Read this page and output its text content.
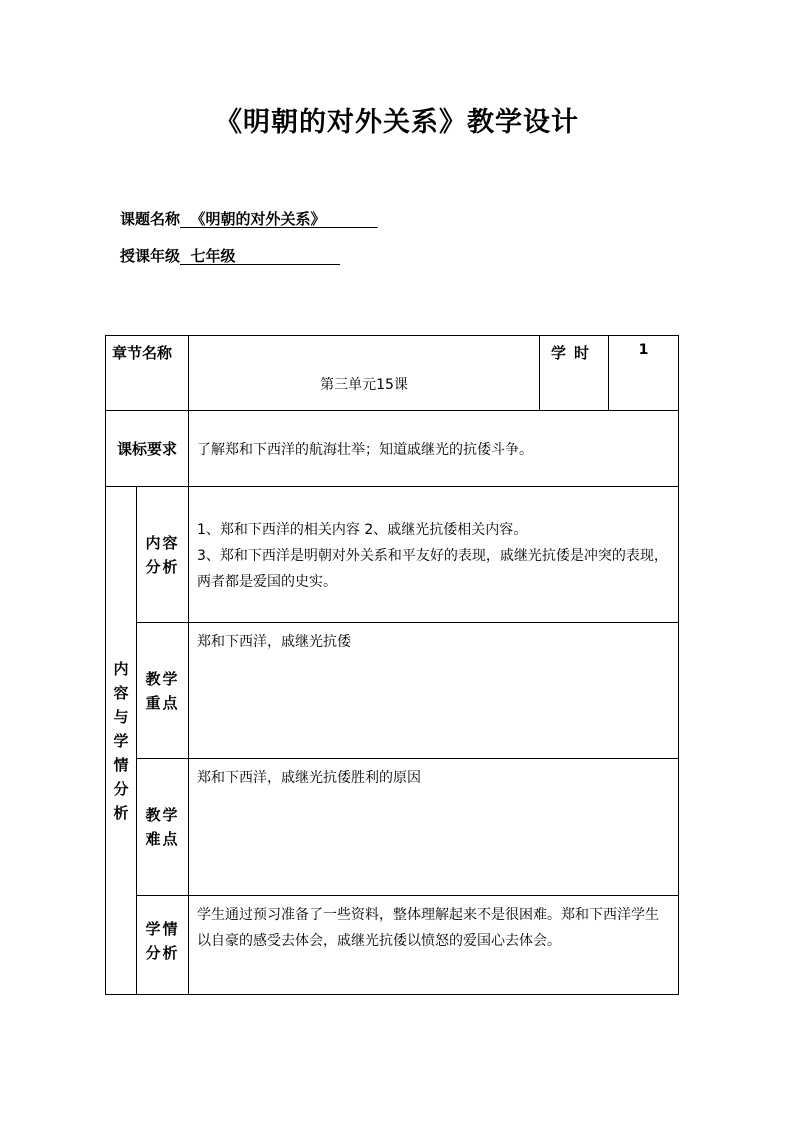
《明朝的对外关系》教学设计
课题名称 《明朝的对外关系》
授课年级 七年级
章节名称		第三单元15课	学时	1
课标要求		了解郑和下西洋的航海壮举；知道戚继光的抗倭斗争。		

内容与学情分析	内容分析	1、郑和下西洋的相关内容 2、戚继光抗倭相关内容。

3、郑和下西洋是明朝对外关系和平友好的表现，戚继光抗倭是冲突的表现，两者都是爱国的史实。		

	教学重点	郑和下西洋，戚继光抗倭		

	教学难点	郑和下西洋，戚继光抗倭胜利的原因		

	学情分析	学生通过预习准备了一些资料，整体理解起来不是很困难。郑和下西洋学生以自豪的感受去体会，戚继光抗倭以愤怒的爱国心去体会。		
